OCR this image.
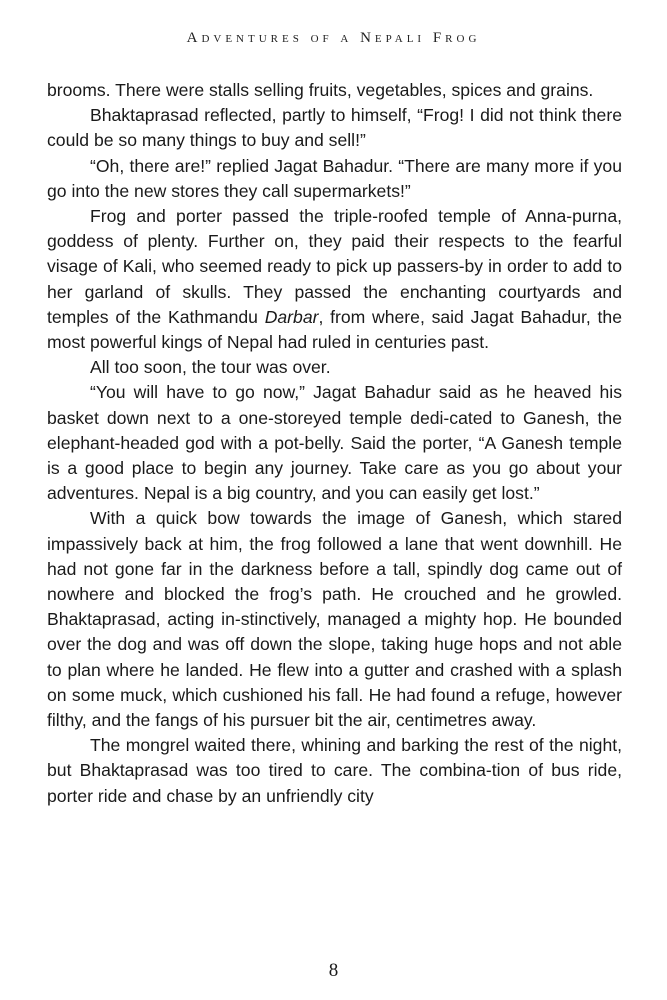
Adventures of a Nepali Frog

brooms. There were stalls selling fruits, vegetables, spices and grains.

Bhaktaprasad reflected, partly to himself, “Frog! I did not think there could be so many things to buy and sell!”

“Oh, there are!” replied Jagat Bahadur. “There are many more if you go into the new stores they call supermarkets!”

Frog and porter passed the triple-roofed temple of Anna-purna, goddess of plenty. Further on, they paid their respects to the fearful visage of Kali, who seemed ready to pick up passers-by in order to add to her garland of skulls. They passed the enchanting courtyards and temples of the Kathmandu Darbar, from where, said Jagat Bahadur, the most powerful kings of Nepal had ruled in centuries past.

All too soon, the tour was over.

“You will have to go now,” Jagat Bahadur said as he heaved his basket down next to a one-storeyed temple dedi-cated to Ganesh, the elephant-headed god with a pot-belly. Said the porter, “A Ganesh temple is a good place to begin any journey. Take care as you go about your adventures. Nepal is a big country, and you can easily get lost.”

With a quick bow towards the image of Ganesh, which stared impassively back at him, the frog followed a lane that went downhill. He had not gone far in the darkness before a tall, spindly dog came out of nowhere and blocked the frog’s path. He crouched and he growled. Bhaktaprasad, acting in-stinctively, managed a mighty hop. He bounded over the dog and was off down the slope, taking huge hops and not able to plan where he landed. He flew into a gutter and crashed with a splash on some muck, which cushioned his fall. He had found a refuge, however filthy, and the fangs of his pursuer bit the air, centimetres away.

The mongrel waited there, whining and barking the rest of the night, but Bhaktaprasad was too tired to care. The combina-tion of bus ride, porter ride and chase by an unfriendly city

8
